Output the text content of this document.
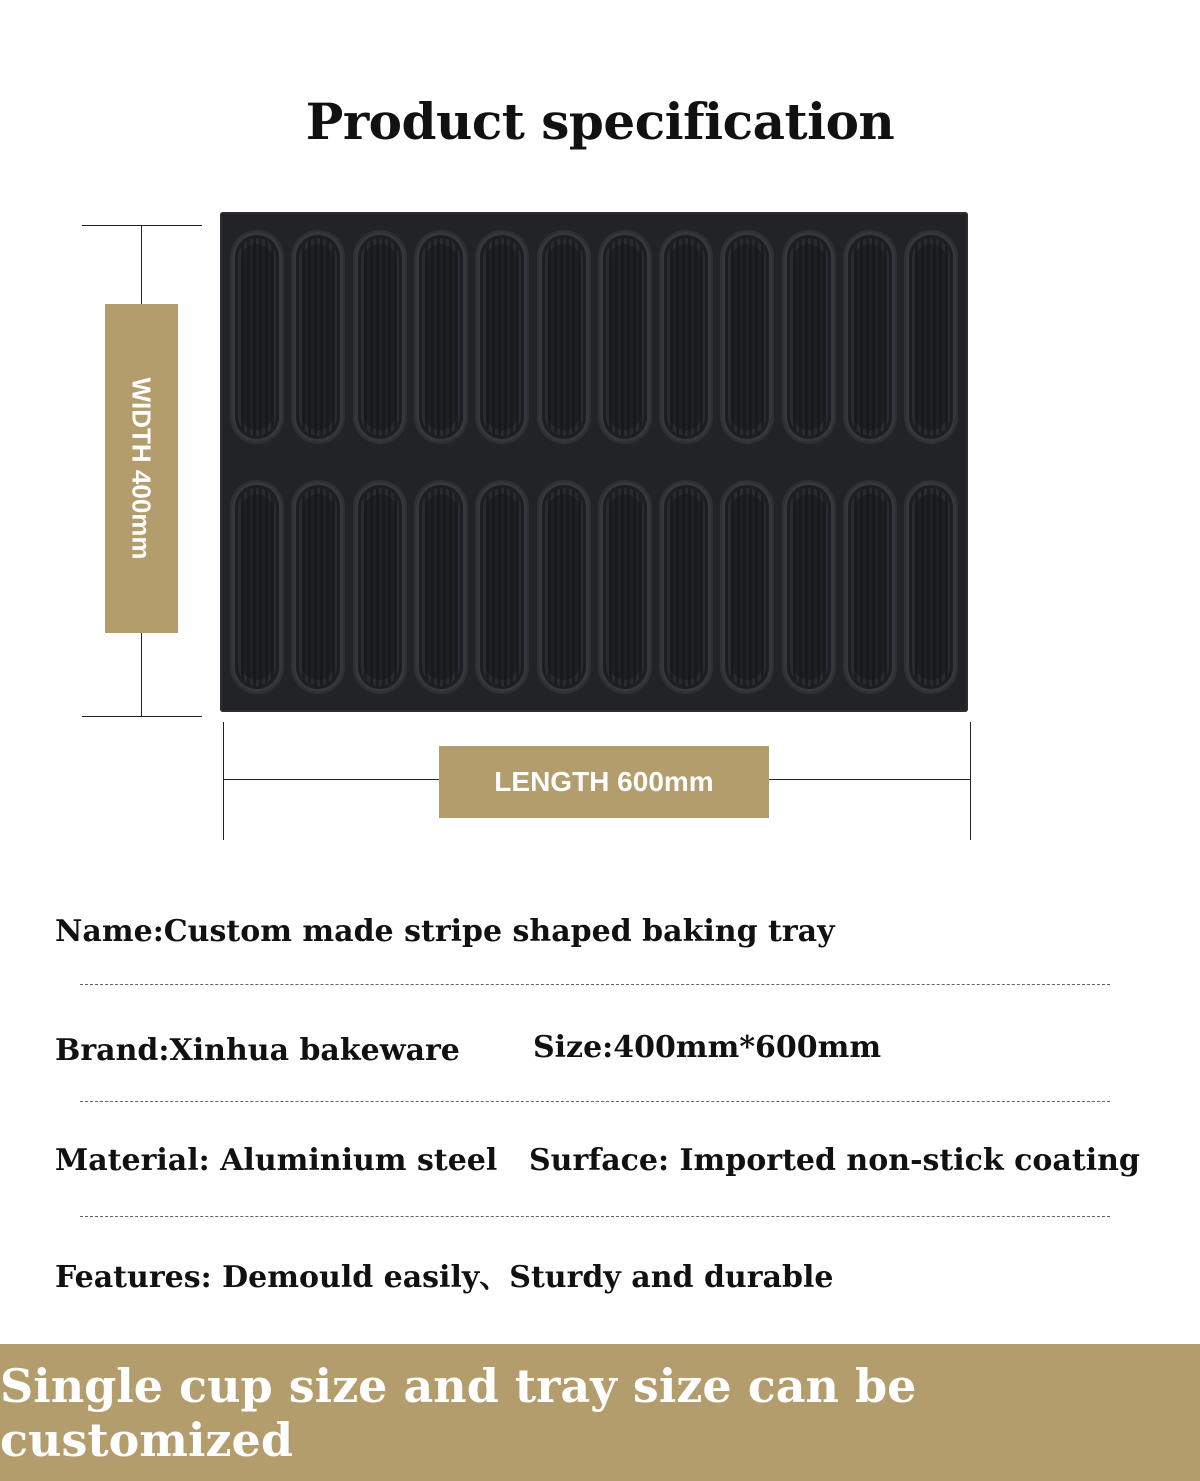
Product specification
WIDTH 400mm
LENGTH 600mm
Name:Custom made stripe shaped baking tray
Brand:Xinhua bakeware Size:400mm*600mm
Material: Aluminium steel Surface: Imported non-stick coating
Features: Demould easily、Sturdy and durable
Single cup size and tray size can be customized
